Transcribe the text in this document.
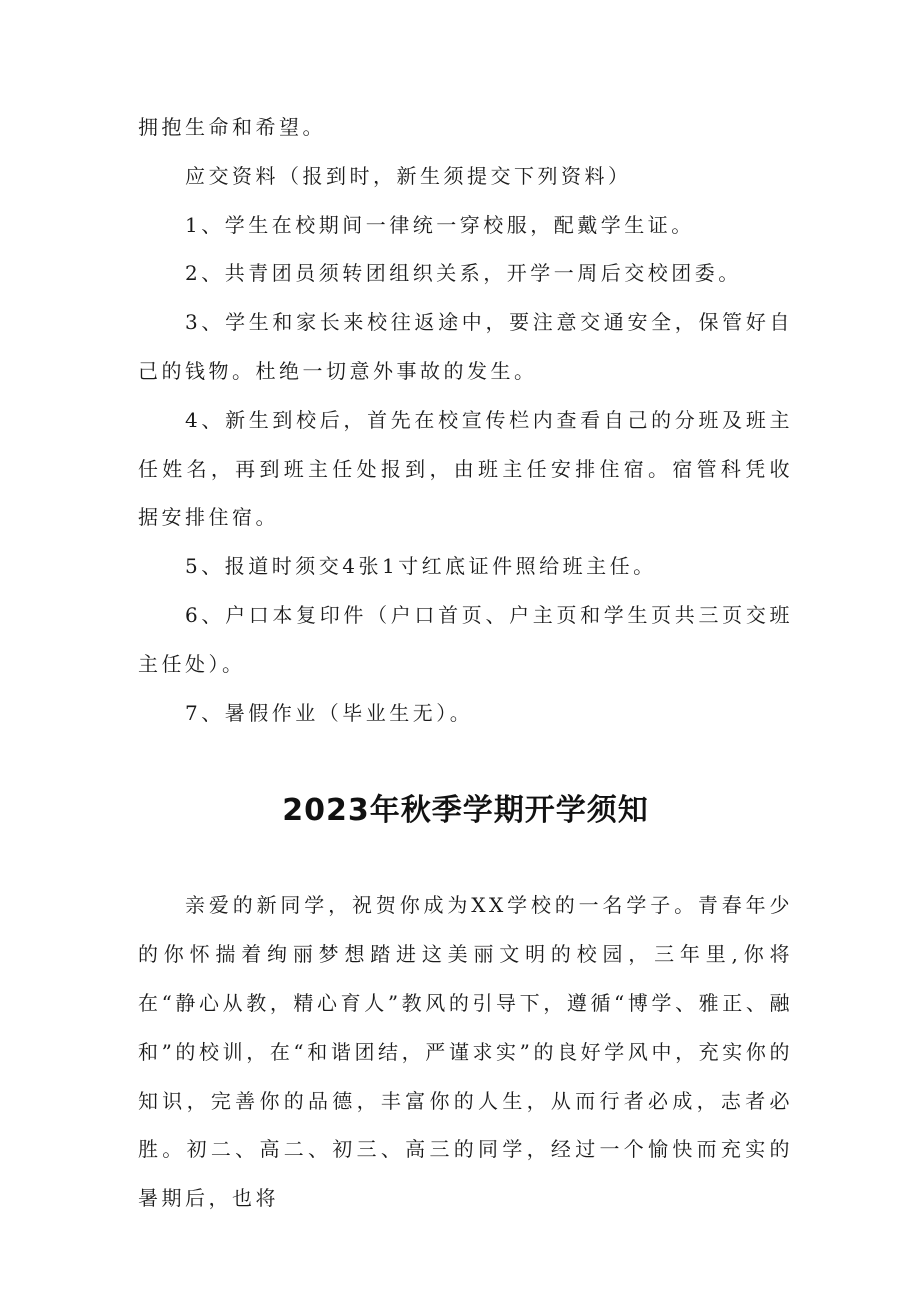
拥抱生命和希望。

应交资料（报到时，新生须提交下列资料）

1、学生在校期间一律统一穿校服，配戴学生证。

2、共青团员须转团组织关系，开学一周后交校团委。

3、学生和家长来校往返途中，要注意交通安全，保管好自己的钱物。杜绝一切意外事故的发生。

4、新生到校后，首先在校宣传栏内查看自己的分班及班主任姓名，再到班主任处报到，由班主任安排住宿。宿管科凭收据安排住宿。

5、报道时须交4张1寸红底证件照给班主任。

6、户口本复印件（户口首页、户主页和学生页共三页交班主任处）。

7、暑假作业（毕业生无）。

2023年秋季学期开学须知

亲爱的新同学，祝贺你成为XX学校的一名学子。青春年少的你怀揣着绚丽梦想踏进这美丽文明的校园，三年里,你将在“静心从教，精心育人”教风的引导下，遵循“博学、雅正、融和”的校训，在“和谐团结，严谨求实”的良好学风中，充实你的知识，完善你的品德，丰富你的人生，从而行者必成，志者必胜。初二、高二、初三、高三的同学，经过一个愉快而充实的暑期后，也将
